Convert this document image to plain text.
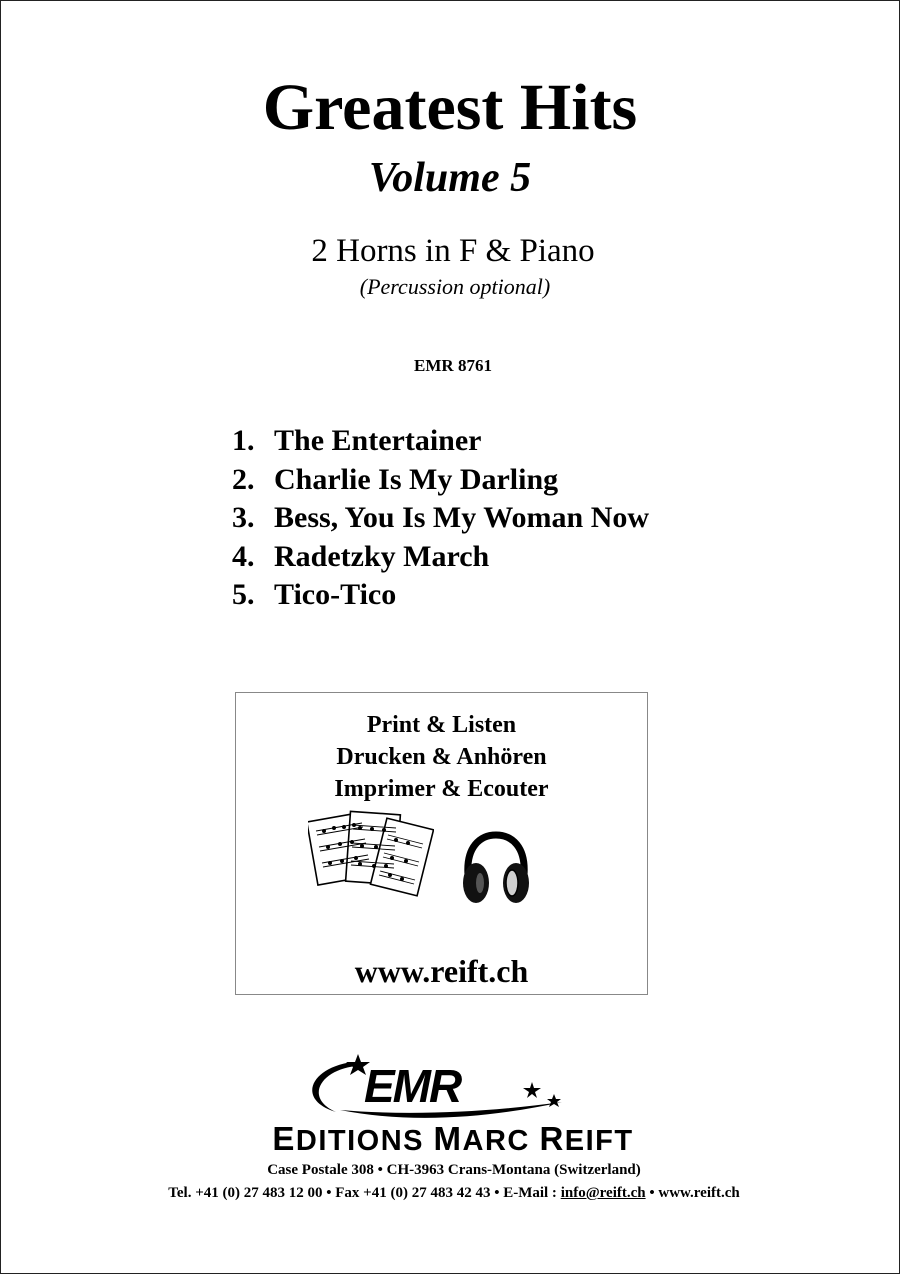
Greatest Hits
Volume 5
2 Horns in F & Piano
(Percussion optional)
EMR 8761
1. The Entertainer
2. Charlie Is My Darling
3. Bess, You Is My Woman Now
4. Radetzky March
5. Tico-Tico
Print & Listen
Drucken & Anhören
Imprimer & Ecouter
www.reift.ch
EMR
EDITIONS MARC REIFT
Case Postale 308 • CH-3963 Crans-Montana (Switzerland)
Tel. +41 (0) 27 483 12 00 • Fax +41 (0) 27 483 42 43 • E-Mail : info@reift.ch • www.reift.ch
